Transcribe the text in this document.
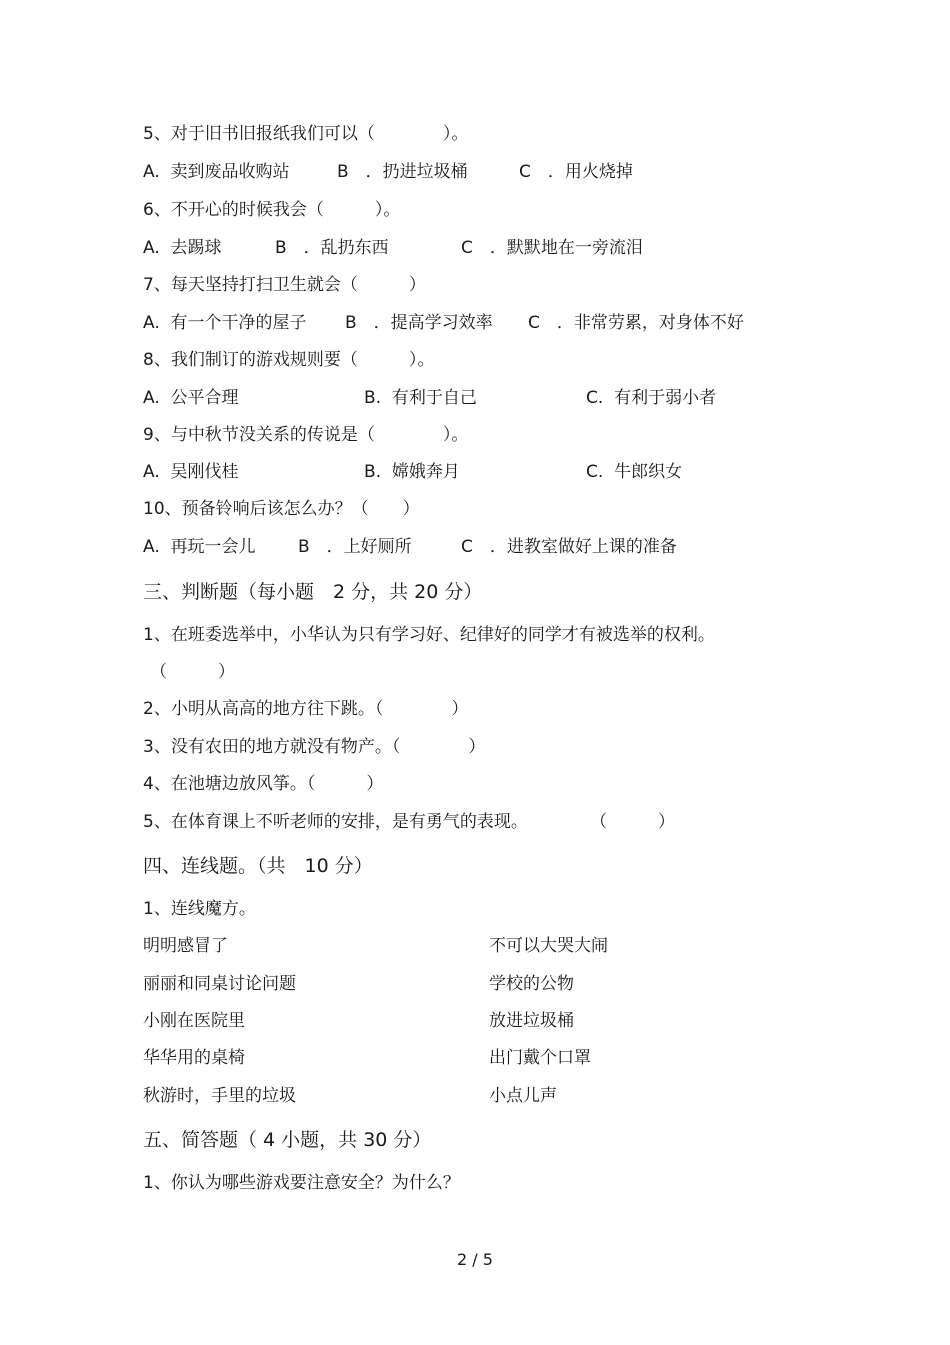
5、对于旧书旧报纸我们可以（　　　　）。
A.  卖到废品收购站	B　．扔进垃圾桶	C　．用火烧掉
6、不开心的时候我会（　　　）。
A.  去踢球	B　．乱扔东西	C　．默默地在一旁流泪
7、每天坚持打扫卫生就会（　　　）
A.  有一个干净的屋子 B　．提高学习效率 C　．非常劳累，对身体不好
8、我们制订的游戏规则要（　　　）。
A.  公平合理	B.  有利于自己	C.  有利于弱小者
9、与中秋节没关系的传说是（　　　　）。
A.  吴刚伐桂	B.  嫦娥奔月	C.  牛郎织女
10、预备铃响后该怎么办？（　　）
A.  再玩一会儿 B　．上好厕所	C　．进教室做好上课的准备
三、判断题（每小题　2 分，共 20 分）
1、在班委选举中，小华认为只有学习好、纪律好的同学才有被选举的权利。
（　　　）
2、小明从高高的地方往下跳。（　　　　）
3、没有农田的地方就没有物产。（　　　　）
4、在池塘边放风筝。（　　　）
5、在体育课上不听老师的安排，是有勇气的表现。	（　　　）
四、连线题。（共　10 分）
1、连线魔方。
明明感冒了	不可以大哭大闹
丽丽和同桌讨论问题	学校的公物
小刚在医院里	放进垃圾桶
华华用的桌椅	出门戴个口罩
秋游时，手里的垃圾	小点儿声
五、简答题（ 4 小题，共 30 分）
1、你认为哪些游戏要注意安全？为什么？
2 / 5
